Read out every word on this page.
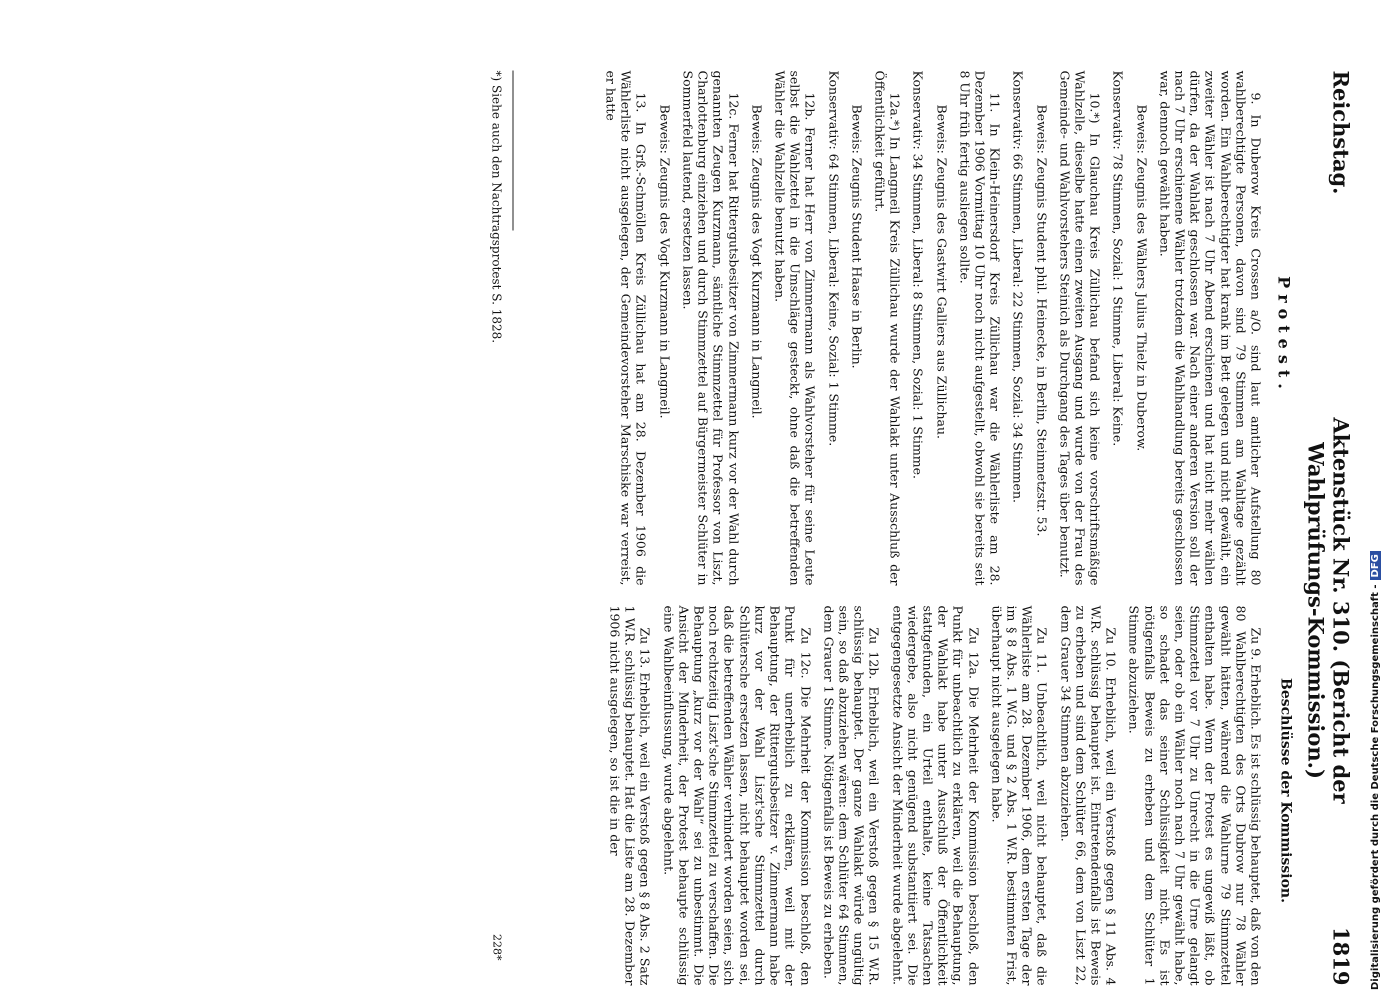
Reichstag.
Aktenstück Nr. 310. (Bericht der Wahlprüfungs-Kommission.)
1819
Protest.
Beschlüsse der Kommission.

9. In Duberow Kreis Crossen a/O. sind laut amtlicher Aufstellung 80 wahlberechtigte Personen, davon sind 79 Stimmen am Wahltage gezählt worden. Ein Wahlberechtigter hat krank im Bett gelegen und nicht gewählt, ein zweiter Wähler ist nach 7 Uhr Abend erschienen und hat nicht mehr wählen dürfen, da der Wahlakt geschlossen war. Nach einer anderen Version soll der nach 7 Uhr erschienene Wähler trotzdem die Wahlhandlung bereits geschlossen war, dennoch gewählt haben.

Beweis: Zeugnis des Wählers Julius Thielz in Duberow.

Konservativ: 78 Stimmen, Sozial: 1 Stimme, Liberal: Keine.

10.*) In Glauchau Kreis Züllichau befand sich keine vorschriftsmäßige Wahlzelle, dieselbe hatte einen zweiten Ausgang und wurde von der Frau des Gemeinde- und Wahlvorstehers Steinich als Durchgang des Tages über benutzt.

Beweis: Zeugnis Student phil. Heinecke, in Berlin, Steinmetzstr. 53.

Konservativ: 66 Stimmen, Liberal: 22 Stimmen, Sozial: 34 Stimmen.

11. In Klein-Heinersdorf Kreis Züllichau war die Wählerliste am 28. Dezember 1906 Vormittag 10 Uhr noch nicht aufgestellt, obwohl sie bereits seit 8 Uhr früh fertig ausliegen sollte.

Beweis: Zeugnis des Gastwirt Galliers aus Züllichau.

Konservativ: 34 Stimmen, Liberal: 8 Stimmen, Sozial: 1 Stimme.

12a.*) In Langmeil Kreis Züllichau wurde der Wahlakt unter Ausschluß der Öffentlichkeit geführt.

Beweis: Zeugnis Student Haase in Berlin.

Konservativ: 64 Stimmen, Liberal: Keine, Sozial: 1 Stimme.

12b. Ferner hat Herr von Zimmermann als Wahlvorsteher für seine Leute selbst die Wahlzettel in die Umschläge gesteckt, ohne daß die betreffenden Wähler die Wahlzelle benutzt haben.

Beweis: Zeugnis des Vogt Kurzmann in Langmeil.

12c. Ferner hat Rittergutsbesitzer von Zimmermann kurz vor der Wahl durch genannten Zeugen Kurzmann, sämtliche Stimmzettel für Professor von Liszt, Charlottenburg einziehen und durch Stimmzettel auf Bürgermeister Schlüter in Sommerfeld lautend, ersetzen lassen.

Beweis: Zeugnis des Vogt Kurzmann in Langmeil.

13. In Grß.-Schmöllen Kreis Züllichau hat am 28. Dezember 1906 die Wählerliste nicht ausgelegen, der Gemeindevorsteher Marschiske war verreist, er hatte

Zu 9. Erheblich. Es ist schlüssig behauptet, daß von den 80 Wahlberechtigten des Orts Dubrow nur 78 Wähler gewählt hätten, während die Wahlurne 79 Stimmzettel enthalten habe. Wenn der Protest es ungewiß läßt, ob Stimmzettel vor 7 Uhr zu Unrecht in die Urne gelangt seien, oder ob ein Wähler noch nach 7 Uhr gewählt habe, so schadet das seiner Schlüssigkeit nicht. Es ist nötigenfalls Beweis zu erheben und dem Schlüter 1 Stimme abzuziehen.

Zu 10. Erheblich, weil ein Verstoß gegen § 11 Abs. 4 W.R. schlüssig behauptet ist. Eintretendenfalls ist Beweis zu erheben und sind dem Schlüter 66, dem von Liszt 22, dem Grauer 34 Stimmen abzuziehen.

Zu 11. Unbeachtlich, weil nicht behauptet, daß die Wählerliste am 28. Dezember 1906, dem ersten Tage der im § 8 Abs. 1 W.G. und § 2 Abs. 1 W.R. bestimmten Frist, überhaupt nicht ausgelegen habe.

Zu 12a. Die Mehrheit der Kommission beschloß, den Punkt für unbeachtlich zu erklären, weil die Behauptung, der Wahlakt habe unter Ausschluß der Öffentlichkeit stattgefunden, ein Urteil enthalte, keine Tatsachen wiedergebe, also nicht genügend substantiiert sei. Die entgegengesetzte Ansicht der Minderheit wurde abgelehnt.

Zu 12b. Erheblich, weil ein Verstoß gegen § 15 W.R. schlüssig behauptet. Der ganze Wahlakt würde ungültig sein, so daß abzuziehen wären: dem Schlüter 64 Stimmen, dem Grauer 1 Stimme. Nötigenfalls ist Beweis zu erheben.

Zu 12c. Die Mehrheit der Kommission beschloß, den Punkt für unerheblich zu erklären, weil mit der Behauptung, der Rittergutsbesitzer v. Zimmermann habe kurz vor der Wahl Liszt'sche Stimmzettel durch Schlütersche ersetzen lassen, nicht behauptet worden sei, daß die betreffenden Wähler verhindert worden seien, sich noch rechtzeitig Liszt'sche Stimmzettel zu verschaffen. Die Behauptung „kurz vor der Wahl“ sei zu unbestimmt. Die Ansicht der Minderheit, der Protest behaupte schlüssig eine Wahlbeeinflussung, wurde abgelehnt.

Zu 13. Erheblich, weil ein Verstoß gegen § 8 Abs. 2 Satz 1 W.R. schlüssig behauptet. Hat die Liste am 28. Dezember 1906 nicht ausgelegen, so ist die in der

*) Siehe auch den Nachtragsprotest S. 1828.
228*	Digitalisierung gefördert durch die Deutsche Forschungsgemeinschaft -DFG
